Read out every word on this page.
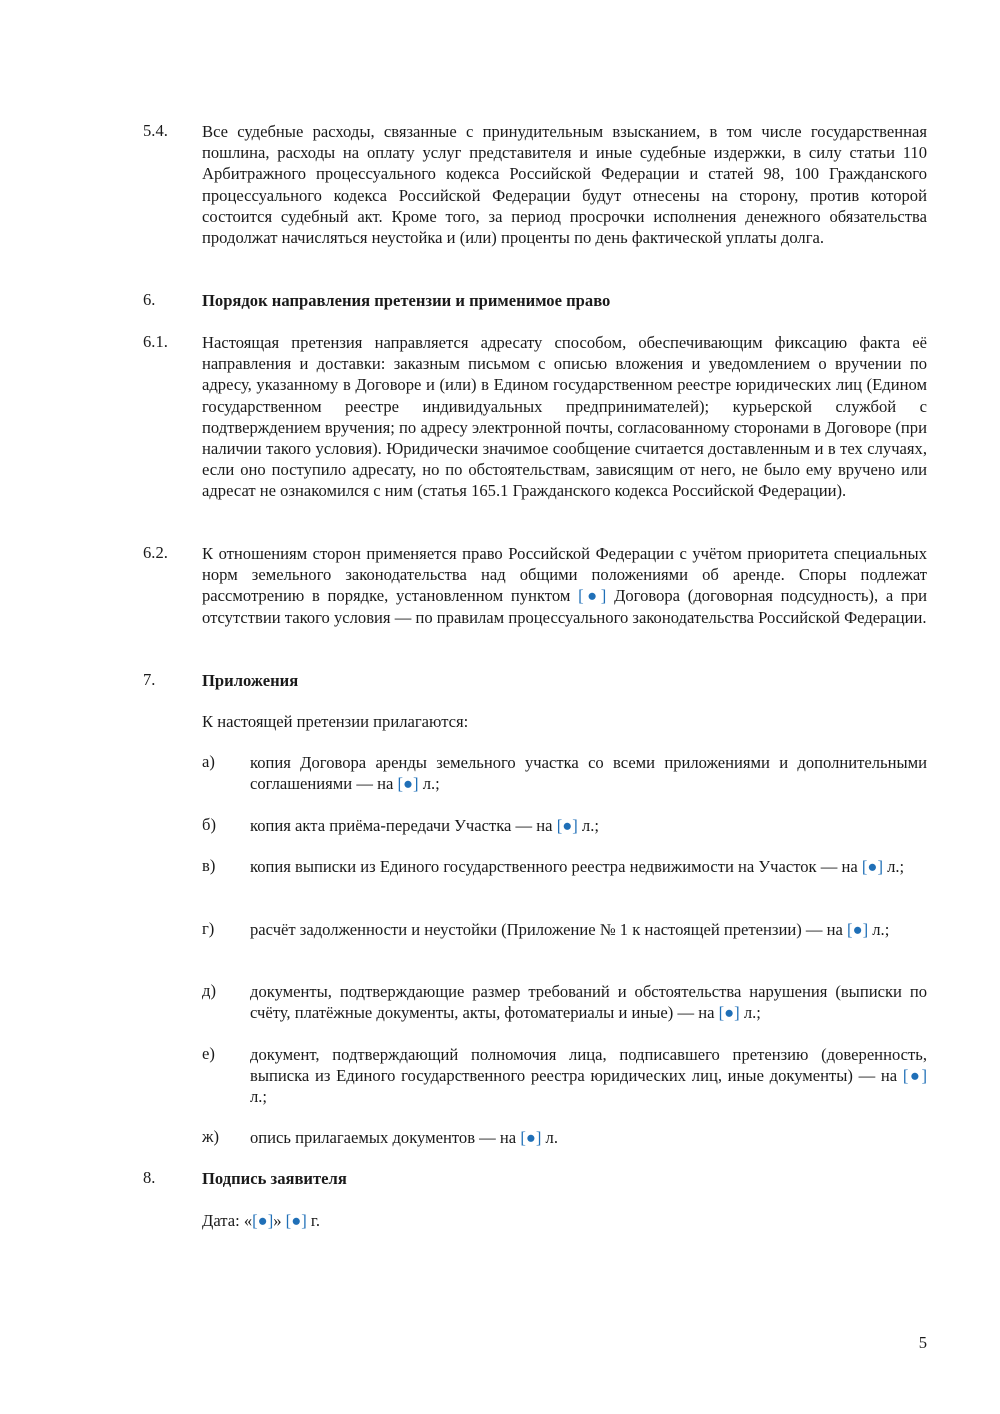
5.4. Все судебные расходы, связанные с принудительным взысканием, в том числе государственная пошлина, расходы на оплату услуг представителя и иные судебные издержки, в силу статьи 110 Арбитражного процессуального кодекса Российской Федерации и статей 98, 100 Гражданского процессуального кодекса Российской Федерации будут отнесены на сторону, против которой состоится судебный акт. Кроме того, за период просрочки исполнения денежного обязательства продолжат начисляться неустойка и (или) проценты по день фактической уплаты долга.
6.	Порядок направления претензии и применимое право
6.1. Настоящая претензия направляется адресату способом, обеспечивающим фиксацию факта её направления и доставки: заказным письмом с описью вложения и уведомлением о вручении по адресу, указанному в Договоре и (или) в Едином государственном реестре юридических лиц (Едином государственном реестре индивидуальных предпринимателей); курьерской службой с подтверждением вручения; по адресу электронной почты, согласованному сторонами в Договоре (при наличии такого условия). Юридически значимое сообщение считается доставленным и в тех случаях, если оно поступило адресату, но по обстоятельствам, зависящим от него, не было ему вручено или адресат не ознакомился с ним (статья 165.1 Гражданского кодекса Российской Федерации).
6.2. К отношениям сторон применяется право Российской Федерации с учётом приоритета специальных норм земельного законодательства над общими положениями об аренде. Споры подлежат рассмотрению в порядке, установленном пунктом [●] Договора (договорная подсудность), а при отсутствии такого условия — по правилам процессуального законодательства Российской Федерации.
7.	Приложения
К настоящей претензии прилагаются:
а) копия Договора аренды земельного участка со всеми приложениями и дополнительными соглашениями — на [●] л.;
б) копия акта приёма-передачи Участка — на [●] л.;
в) копия выписки из Единого государственного реестра недвижимости на Участок — на [●] л.;
г) расчёт задолженности и неустойки (Приложение № 1 к настоящей претензии) — на [●] л.;
д) документы, подтверждающие размер требований и обстоятельства нарушения (выписки по счёту, платёжные документы, акты, фотоматериалы и иные) — на [●] л.;
е) документ, подтверждающий полномочия лица, подписавшего претензию (доверенность, выписка из Единого государственного реестра юридических лиц, иные документы) — на [●] л.;
ж) опись прилагаемых документов — на [●] л.
8.	Подпись заявителя
Дата: «[●]» [●] г.
5
